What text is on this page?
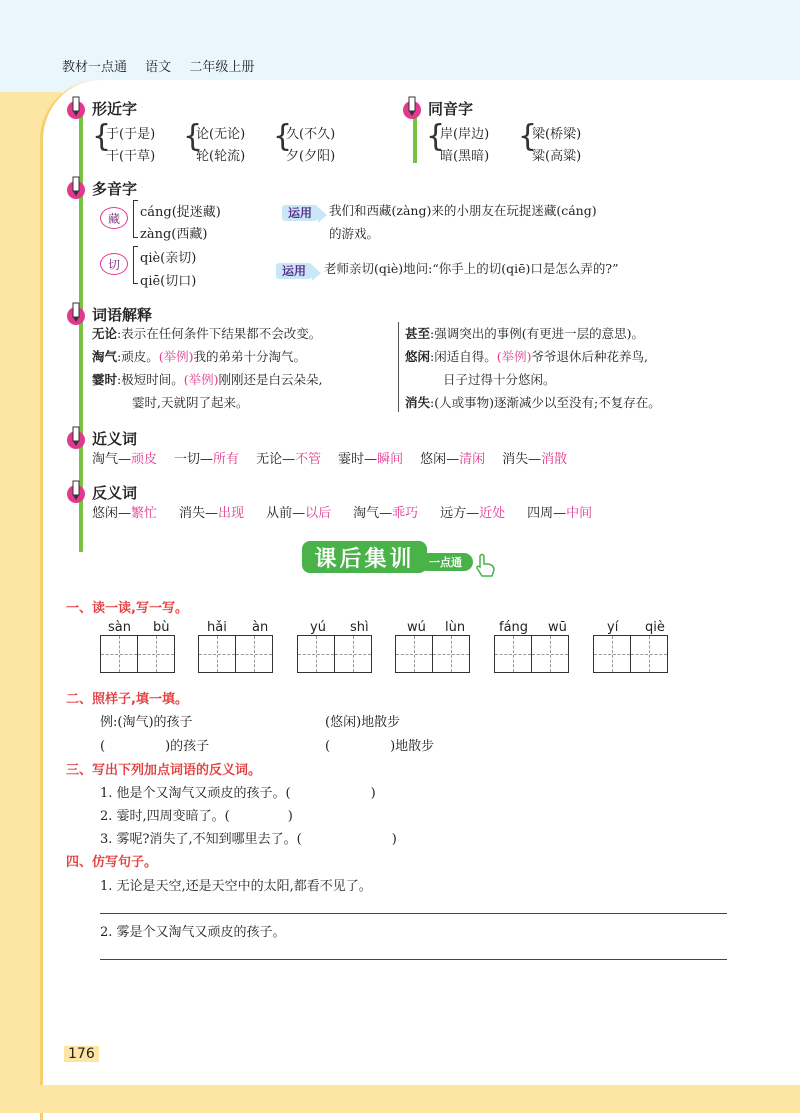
教材一点通 语文 二年级上册
形近字
{
于(于是)
干(干草)
{
论(无论)
轮(轮流)
{
久(不久)
夕(夕阳)
同音字
{
岸(岸边)
暗(黑暗)
{
梁(桥梁)
粱(高粱)
多音字
藏	cáng(捉迷藏)
zàng(西藏)
运用	我们和西藏(zàng)来的小朋友在玩捉迷藏(cáng)
的游戏。
切	qiè(亲切)
qiē(切口)
运用	老师亲切(qiè)地问:“你手上的切(qiē)口是怎么弄的?”
词语解释
无论:表示在任何条件下结果都不会改变。
淘气:顽皮。(举例)我的弟弟十分淘气。
霎时:极短时间。(举例)刚刚还是白云朵朵,
霎时,天就阴了起来。
甚至:强调突出的事例(有更进一层的意思)。
悠闲:闲适自得。(举例)爷爷退休后种花养鸟,
日子过得十分悠闲。
消失:(人或事物)逐渐减少以至没有;不复存在。
近义词
淘气—顽皮 一切—所有 无论—不管 霎时—瞬间 悠闲—清闲 消失—消散
反义词
悠闲—繁忙 消失—出现 从前—以后 淘气—乖巧 远方—近处 四周—中间
课后集训	一点通
一、读一读,写一写。
sàn bù	hǎi àn	yú shì	wú lùn	fáng wū	yí qiè
二、照样子,填一填。
例:(淘气)的孩子	(悠闲)地散步
(	)的孩子	(	)地散步
三、写出下列加点词语的反义词。
1. 他是个又淘气又顽皮的孩子。(	)
2. 霎时,四周变暗了。(	)
3. 雾呢?消失了,不知到哪里去了。(	)
四、仿写句子。
1. 无论是天空,还是天空中的太阳,都看不见了。
2. 雾是个又淘气又顽皮的孩子。
176
